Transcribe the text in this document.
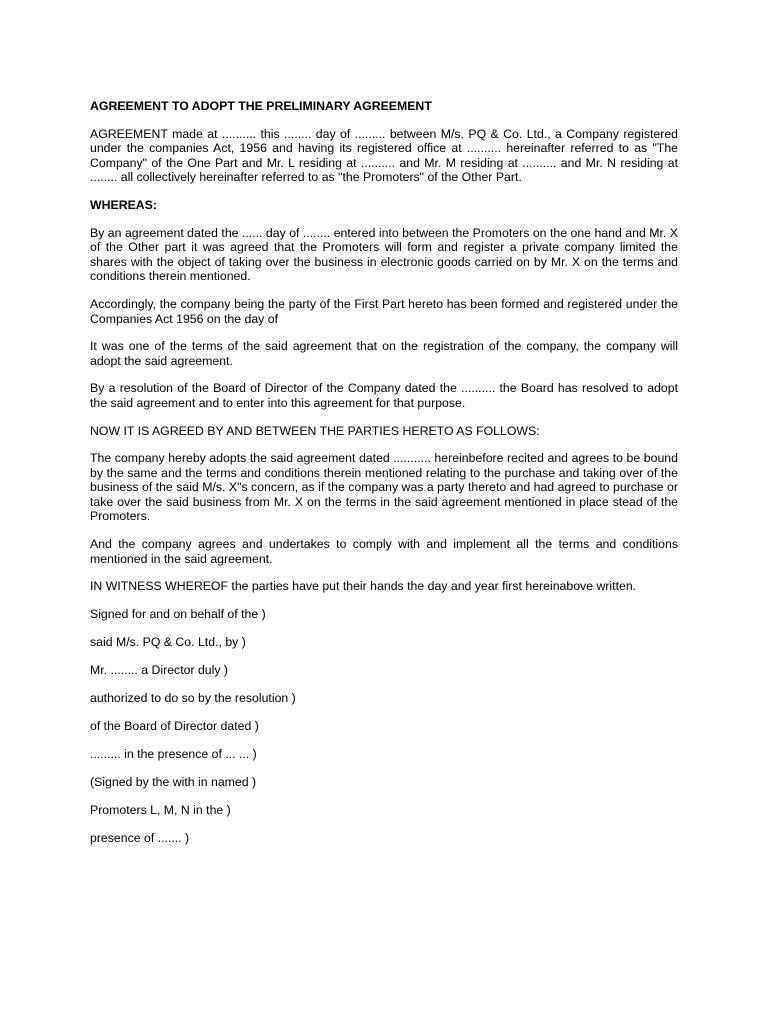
AGREEMENT TO ADOPT THE PRELIMINARY AGREEMENT

AGREEMENT made at .......... this ........ day of ......... between M/s. PQ & Co. Ltd., a Company registered under the companies Act, 1956 and having its registered office at .......... hereinafter referred to as "The Company" of the One Part and Mr. L residing at .......... and Mr. M residing at .......... and Mr. N residing at ........ all collectively hereinafter referred to as "the Promoters" of the Other Part.

WHEREAS:

By an agreement dated the ...... day of ........ entered into between the Promoters on the one hand and Mr. X of the Other part it was agreed that the Promoters will form and register a private company limited the shares with the object of taking over the business in electronic goods carried on by Mr. X on the terms and conditions therein mentioned.

Accordingly, the company being the party of the First Part hereto has been formed and registered under the Companies Act 1956 on the day of

It was one of the terms of the said agreement that on the registration of the company, the company will adopt the said agreement.

By a resolution of the Board of Director of the Company dated the .......... the Board has resolved to adopt the said agreement and to enter into this agreement for that purpose.

NOW IT IS AGREED BY AND BETWEEN THE PARTIES HERETO AS FOLLOWS:

The company hereby adopts the said agreement dated ........... hereinbefore recited and agrees to be bound by the same and the terms and conditions therein mentioned relating to the purchase and taking over of the business of the said M/s. X"s concern, as if the company was a party thereto and had agreed to purchase or take over the said business from Mr. X on the terms in the said agreement mentioned in place stead of the Promoters.

And the company agrees and undertakes to comply with and implement all the terms and conditions mentioned in the said agreement.

IN WITNESS WHEREOF the parties have put their hands the day and year first hereinabove written.

Signed for and on behalf of the )

said M/s. PQ & Co. Ltd., by )

Mr. ........ a Director duly )

authorized to do so by the resolution )

of the Board of Director dated )

......... in the presence of ... ... )

(Signed by the with in named )

Promoters L, M, N in the )

presence of ....... )
